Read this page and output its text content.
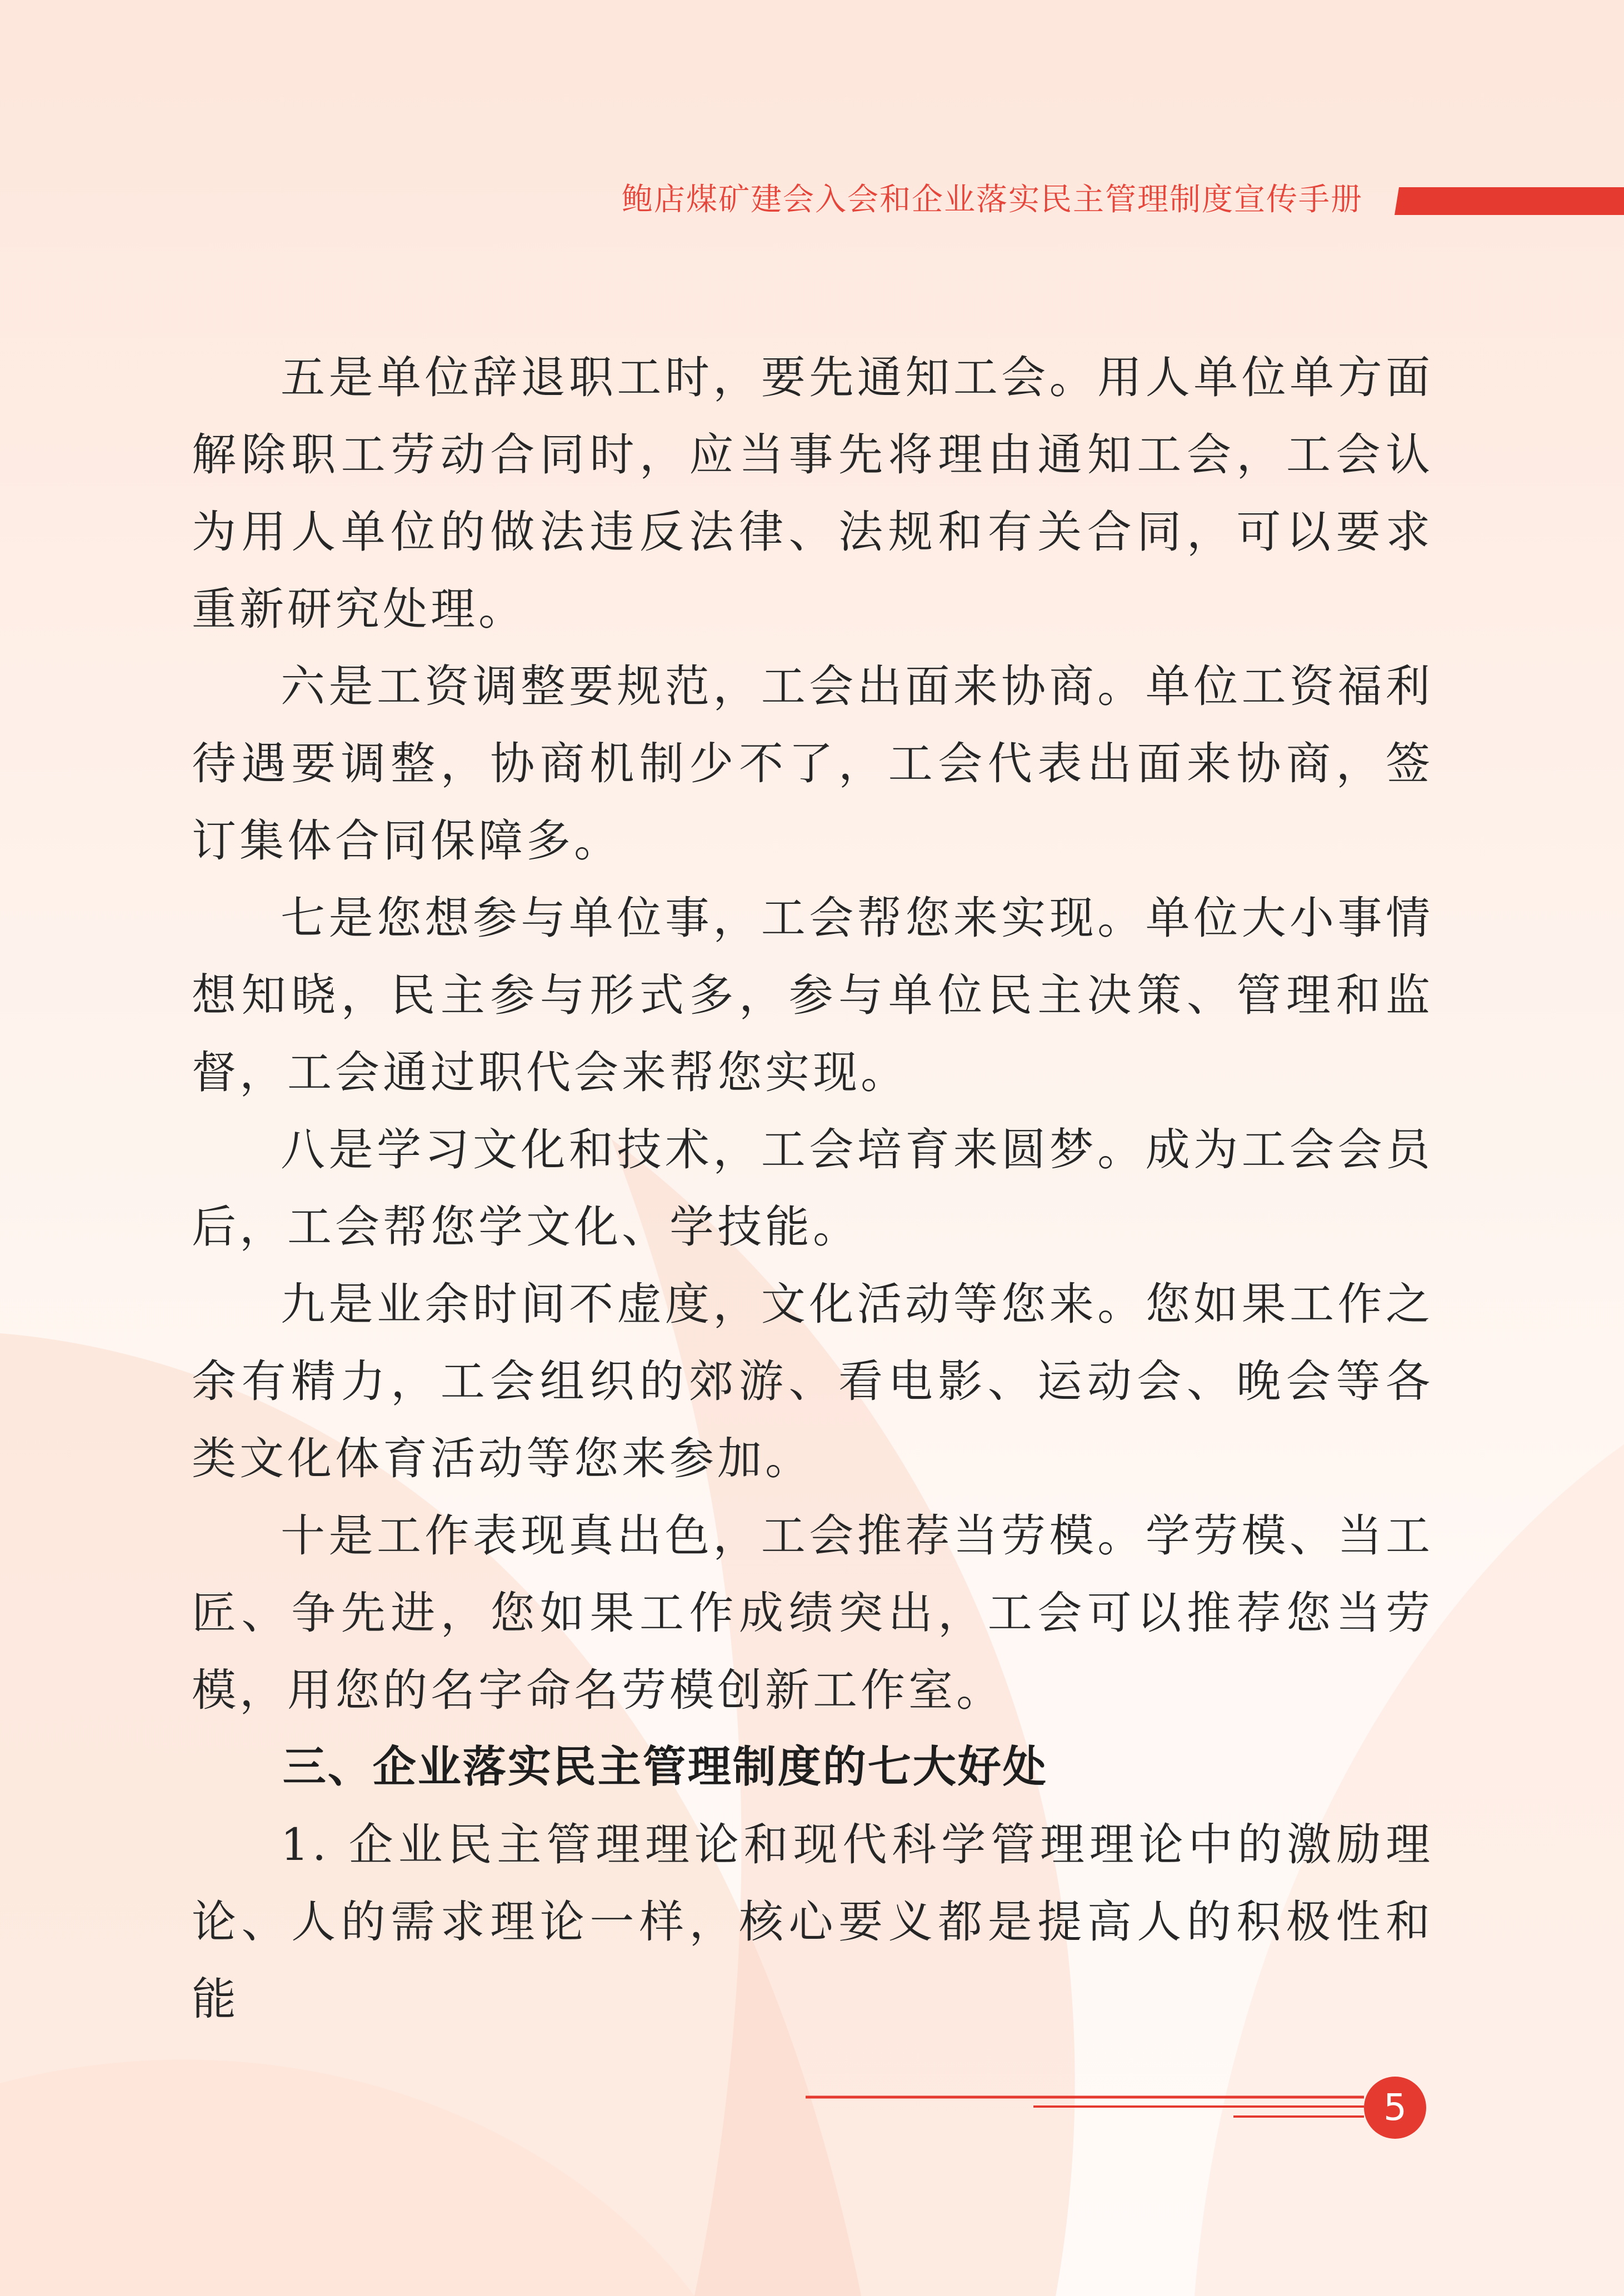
鲍店煤矿建会入会和企业落实民主管理制度宣传手册

五是单位辞退职工时，要先通知工会。用人单位单方面解除职工劳动合同时，应当事先将理由通知工会，工会认为用人单位的做法违反法律、法规和有关合同，可以要求重新研究处理。

六是工资调整要规范，工会出面来协商。单位工资福利待遇要调整，协商机制少不了，工会代表出面来协商，签订集体合同保障多。

七是您想参与单位事，工会帮您来实现。单位大小事情想知晓，民主参与形式多，参与单位民主决策、管理和监督，工会通过职代会来帮您实现。

八是学习文化和技术，工会培育来圆梦。成为工会会员后，工会帮您学文化、学技能。

九是业余时间不虚度，文化活动等您来。您如果工作之余有精力，工会组织的郊游、看电影、运动会、晚会等各类文化体育活动等您来参加。

十是工作表现真出色，工会推荐当劳模。学劳模、当工匠、争先进，您如果工作成绩突出，工会可以推荐您当劳模，用您的名字命名劳模创新工作室。

三、企业落实民主管理制度的七大好处

1. 企业民主管理理论和现代科学管理理论中的激励理论、人的需求理论一样，核心要义都是提高人的积极性和能

5
